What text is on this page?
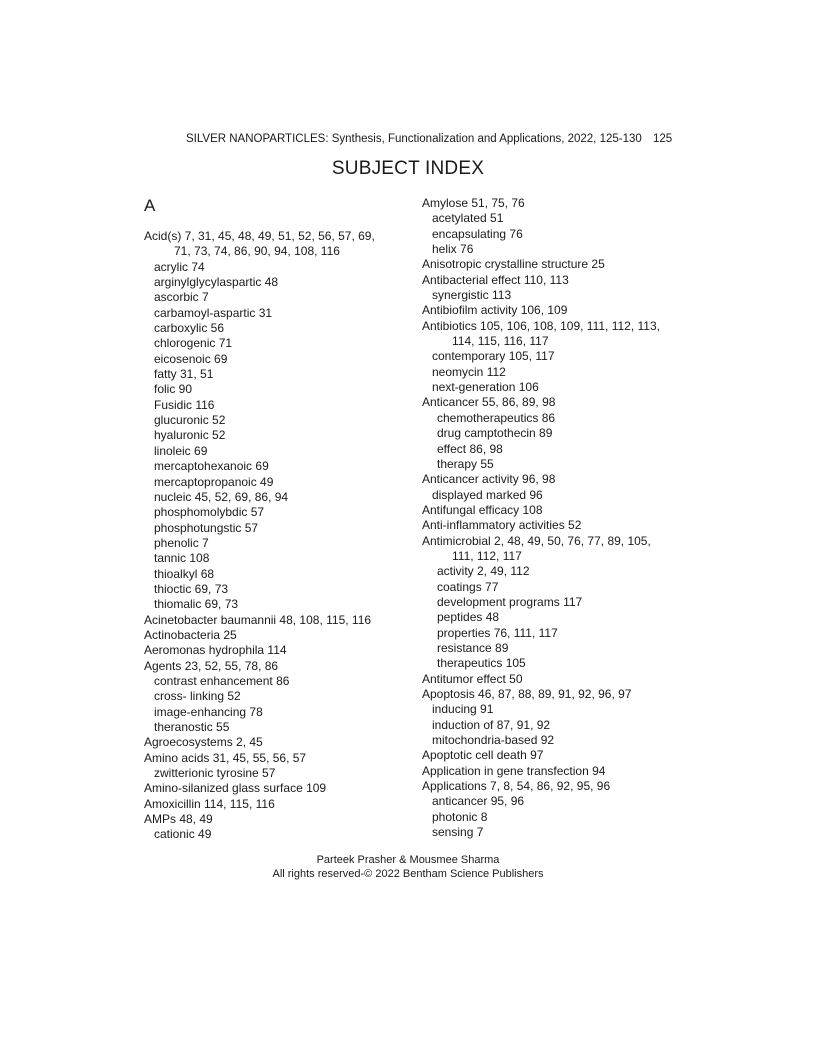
SILVER NANOPARTICLES: Synthesis, Functionalization and Applications, 2022, 125-130 125
SUBJECT INDEX
A
Acid(s) 7, 31, 45, 48, 49, 51, 52, 56, 57, 69,
71, 73, 74, 86, 90, 94, 108, 116
acrylic 74
arginylglycylaspartic 48
ascorbic 7
carbamoyl-aspartic 31
carboxylic 56
chlorogenic 71
eicosenoic 69
fatty 31, 51
folic 90
Fusidic 116
glucuronic 52
hyaluronic 52
linoleic 69
mercaptohexanoic 69
mercaptopropanoic 49
nucleic 45, 52, 69, 86, 94
phosphomolybdic 57
phosphotungstic 57
phenolic 7
tannic 108
thioalkyl 68
thioctic 69, 73
thiomalic 69, 73
Acinetobacter baumannii 48, 108, 115, 116
Actinobacteria 25
Aeromonas hydrophila 114
Agents 23, 52, 55, 78, 86
contrast enhancement 86
cross- linking 52
image-enhancing 78
theranostic 55
Agroecosystems 2, 45
Amino acids 31, 45, 55, 56, 57
zwitterionic tyrosine 57
Amino-silanized glass surface 109
Amoxicillin 114, 115, 116
AMPs 48, 49
cationic 49
Amylose 51, 75, 76
acetylated 51
encapsulating 76
helix 76
Anisotropic crystalline structure 25
Antibacterial effect 110, 113
synergistic 113
Antibiofilm activity 106, 109
Antibiotics 105, 106, 108, 109, 111, 112, 113,
114, 115, 116, 117
contemporary 105, 117
neomycin 112
next-generation 106
Anticancer 55, 86, 89, 98
chemotherapeutics 86
drug camptothecin 89
effect 86, 98
therapy 55
Anticancer activity 96, 98
displayed marked 96
Antifungal efficacy 108
Anti-inflammatory activities 52
Antimicrobial 2, 48, 49, 50, 76, 77, 89, 105,
111, 112, 117
activity 2, 49, 112
coatings 77
development programs 117
peptides 48
properties 76, 111, 117
resistance 89
therapeutics 105
Antitumor effect 50
Apoptosis 46, 87, 88, 89, 91, 92, 96, 97
inducing 91
induction of 87, 91, 92
mitochondria-based 92
Apoptotic cell death 97
Application in gene transfection 94
Applications 7, 8, 54, 86, 92, 95, 96
anticancer 95, 96
photonic 8
sensing 7
Parteek Prasher & Mousmee Sharma
All rights reserved-© 2022 Bentham Science Publishers
